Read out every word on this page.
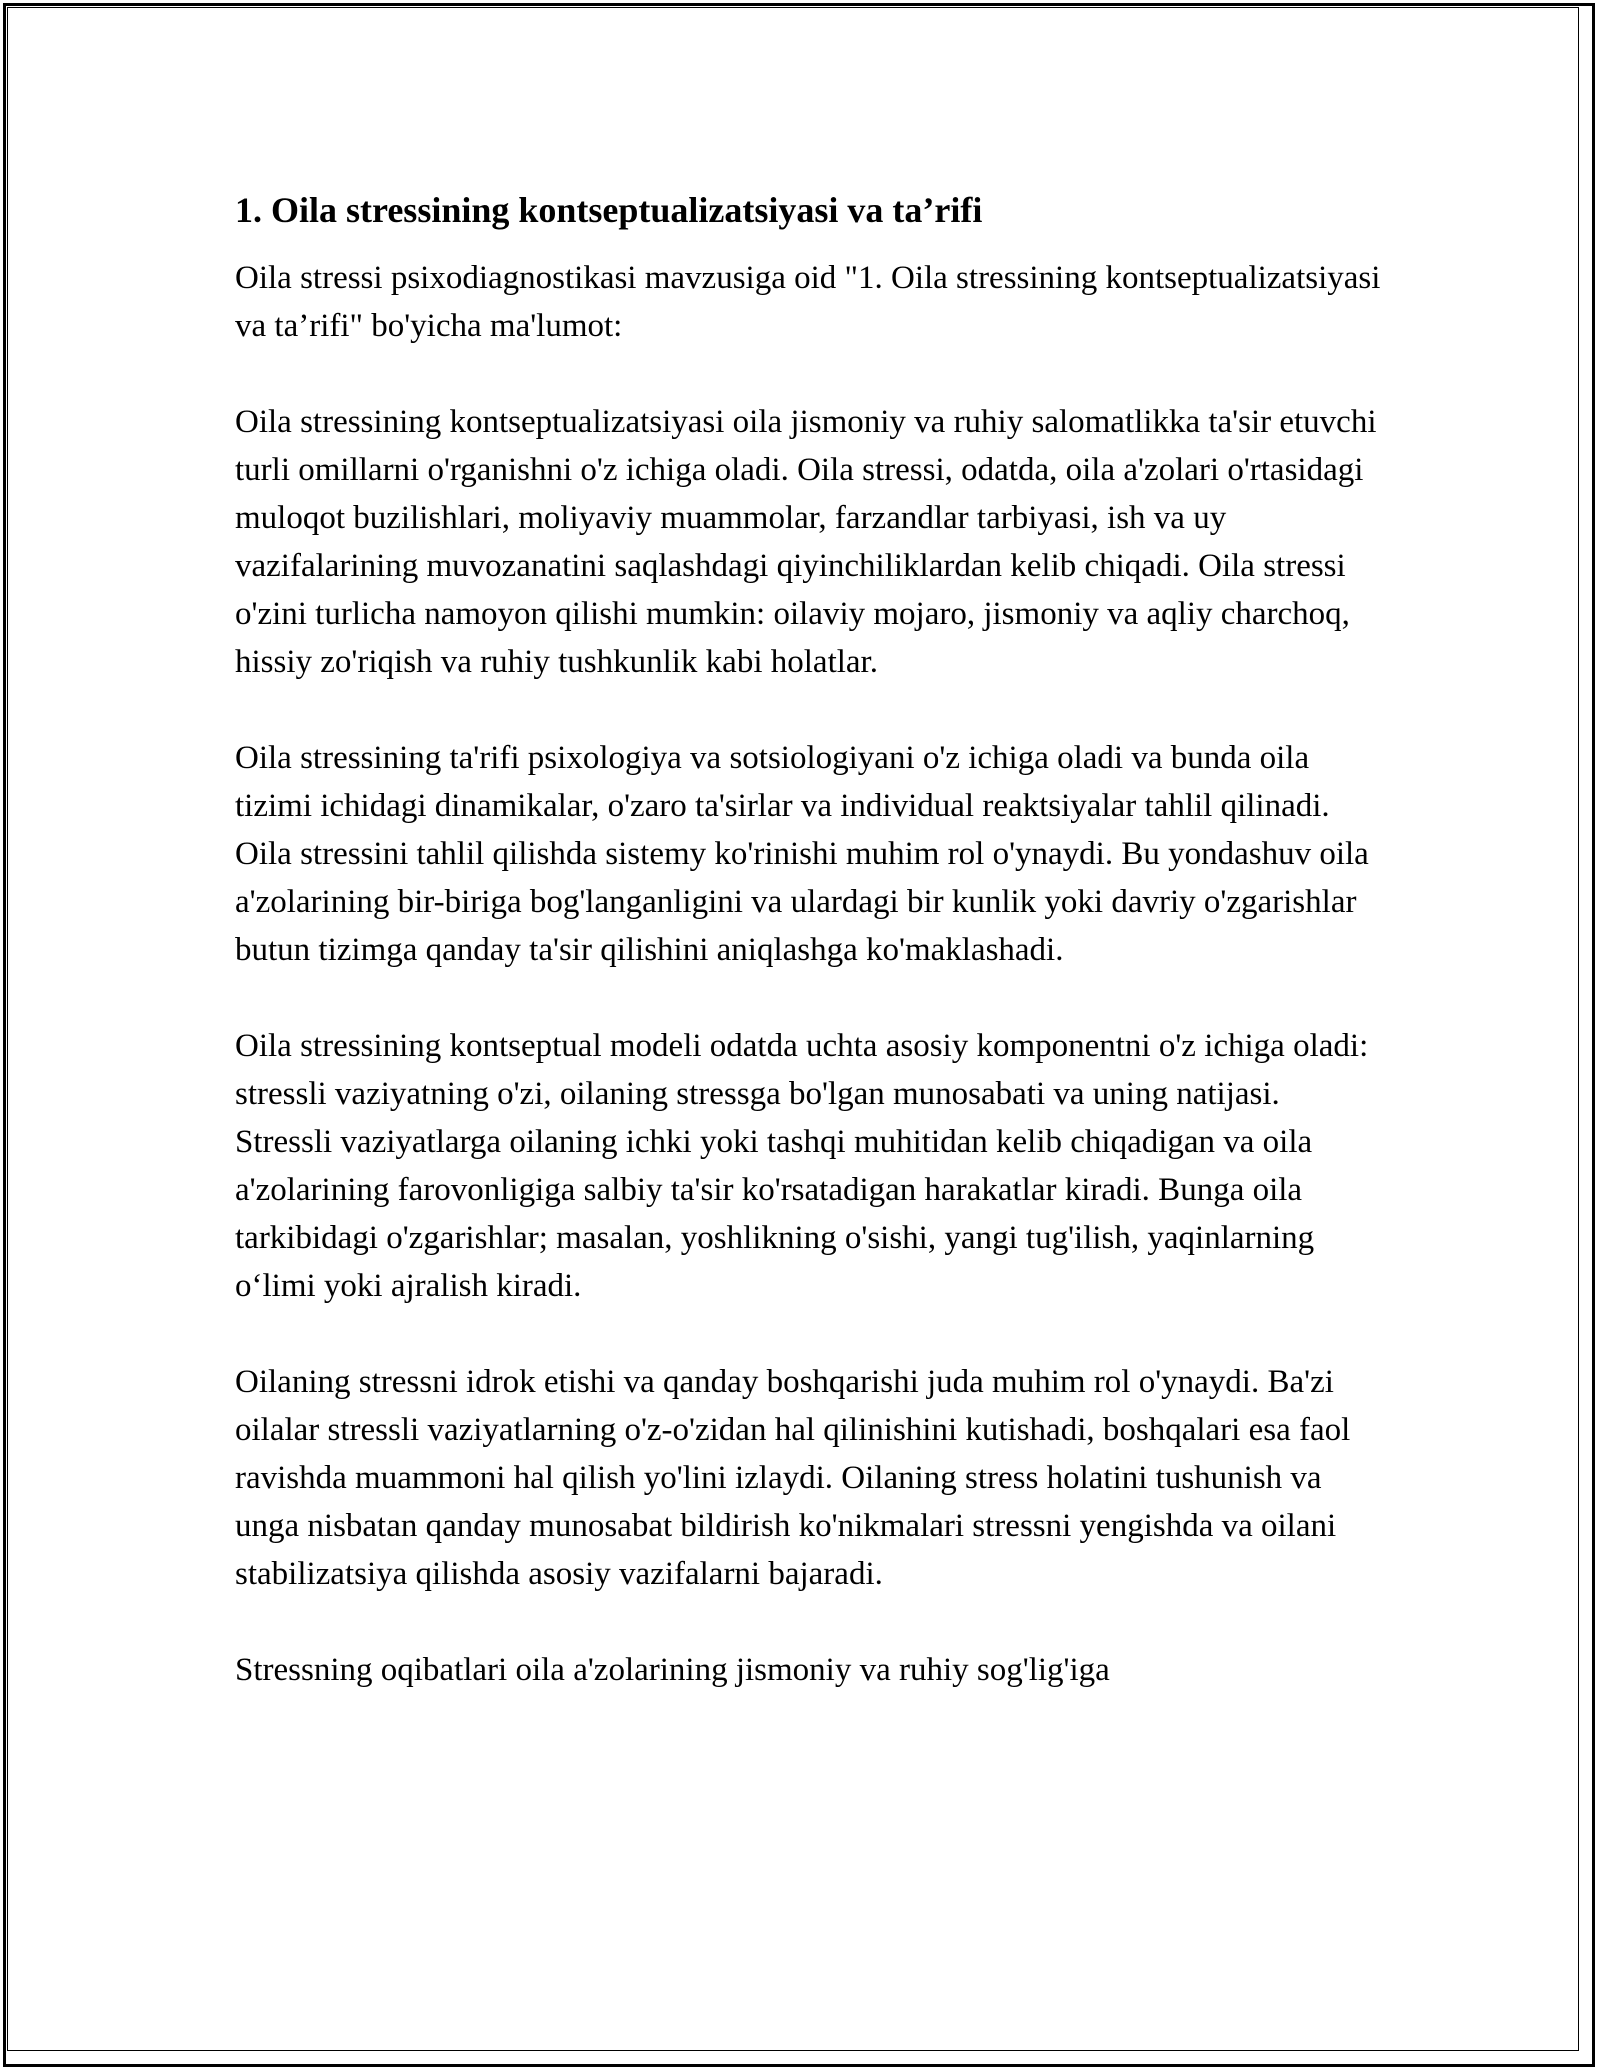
1. Oila stressining kontseptualizatsiyasi va ta’rifi

Oila stressi psixodiagnostikasi mavzusiga oid "1. Oila stressining kontseptualizatsiyasi va ta’rifi" bo'yicha ma'lumot:

Oila stressining kontseptualizatsiyasi oila jismoniy va ruhiy salomatlikka ta'sir etuvchi turli omillarni o'rganishni o'z ichiga oladi. Oila stressi, odatda, oila a'zolari o'rtasidagi muloqot buzilishlari, moliyaviy muammolar, farzandlar tarbiyasi, ish va uy vazifalarining muvozanatini saqlashdagi qiyinchiliklardan kelib chiqadi. Oila stressi o'zini turlicha namoyon qilishi mumkin: oilaviy mojaro, jismoniy va aqliy charchoq, hissiy zo'riqish va ruhiy tushkunlik kabi holatlar.

Oila stressining ta'rifi psixologiya va sotsiologiyani o'z ichiga oladi va bunda oila tizimi ichidagi dinamikalar, o'zaro ta'sirlar va individual reaktsiyalar tahlil qilinadi. Oila stressini tahlil qilishda sistemy ko'rinishi muhim rol o'ynaydi. Bu yondashuv oila a'zolarining bir-biriga bog'langanligini va ulardagi bir kunlik yoki davriy o'zgarishlar butun tizimga qanday ta'sir qilishini aniqlashga ko'maklashadi.

Oila stressining kontseptual modeli odatda uchta asosiy komponentni o'z ichiga oladi: stressli vaziyatning o'zi, oilaning stressga bo'lgan munosabati va uning natijasi. Stressli vaziyatlarga oilaning ichki yoki tashqi muhitidan kelib chiqadigan va oila a'zolarining farovonligiga salbiy ta'sir ko'rsatadigan harakatlar kiradi. Bunga oila tarkibidagi o'zgarishlar; masalan, yoshlikning o'sishi, yangi tug'ilish, yaqinlarning o‘limi yoki ajralish kiradi.

Oilaning stressni idrok etishi va qanday boshqarishi juda muhim rol o'ynaydi. Ba'zi oilalar stressli vaziyatlarning o'z-o'zidan hal qilinishini kutishadi, boshqalari esa faol ravishda muammoni hal qilish yo'lini izlaydi. Oilaning stress holatini tushunish va unga nisbatan qanday munosabat bildirish ko'nikmalari stressni yengishda va oilani stabilizatsiya qilishda asosiy vazifalarni bajaradi.

Stressning oqibatlari oila a'zolarining jismoniy va ruhiy sog'lig'iga
